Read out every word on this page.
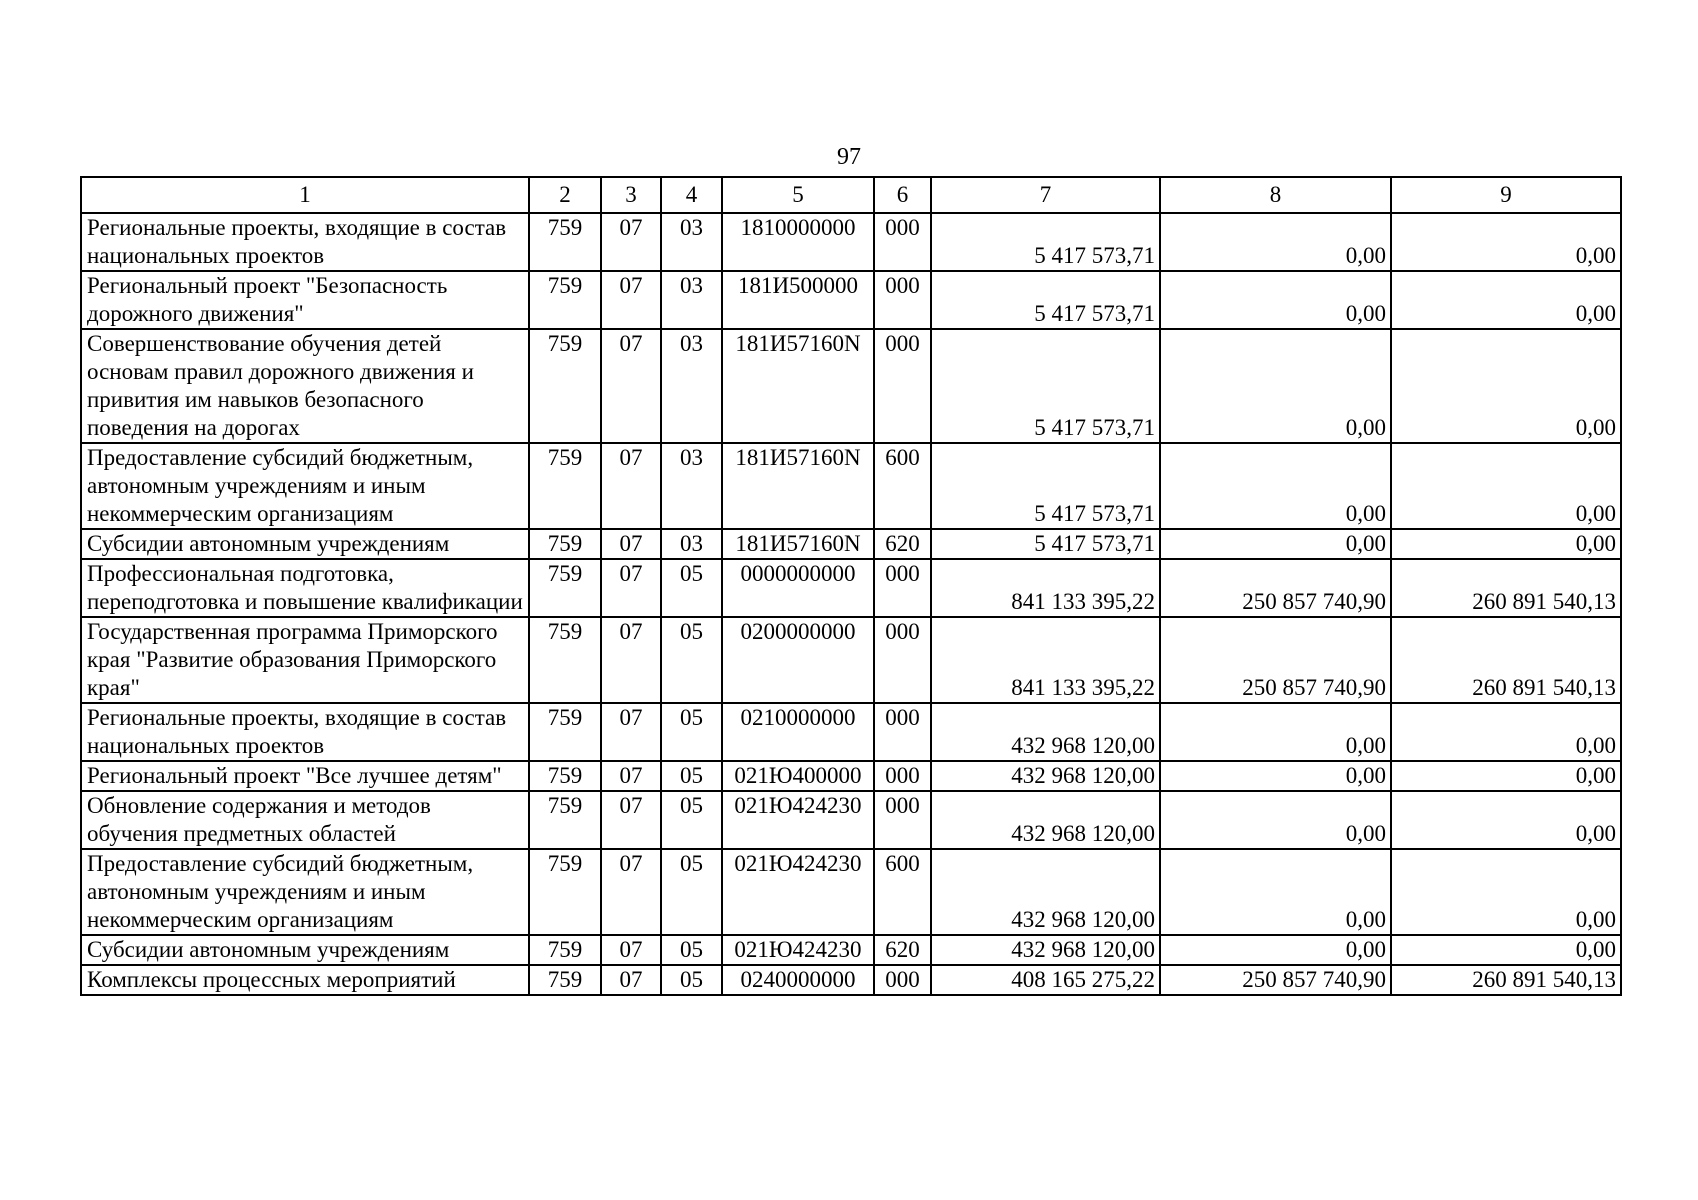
97
1	2	3	4	5	6	7	8	9
Региональные проекты, входящие в состав национальных проектов	759	07	03	1810000000	000	5 417 573,71	0,00	0,00
Региональный проект "Безопасность дорожного движения"	759	07	03	181И500000	000	5 417 573,71	0,00	0,00
Совершенствование обучения детей основам правил дорожного движения и привития им навыков безопасного поведения на дорогах	759	07	03	181И57160N	000	5 417 573,71	0,00	0,00
Предоставление субсидий бюджетным, автономным учреждениям и иным некоммерческим организациям	759	07	03	181И57160N	600	5 417 573,71	0,00	0,00
Субсидии автономным учреждениям	759	07	03	181И57160N	620	5 417 573,71	0,00	0,00
Профессиональная подготовка, переподготовка и повышение квалификации	759	07	05	0000000000	000	841 133 395,22	250 857 740,90	260 891 540,13
Государственная программа Приморского края "Развитие образования Приморского края"	759	07	05	0200000000	000	841 133 395,22	250 857 740,90	260 891 540,13
Региональные проекты, входящие в состав национальных проектов	759	07	05	0210000000	000	432 968 120,00	0,00	0,00
Региональный проект "Все лучшее детям"	759	07	05	021Ю400000	000	432 968 120,00	0,00	0,00
Обновление содержания и методов обучения предметных областей	759	07	05	021Ю424230	000	432 968 120,00	0,00	0,00
Предоставление субсидий бюджетным, автономным учреждениям и иным некоммерческим организациям	759	07	05	021Ю424230	600	432 968 120,00	0,00	0,00
Субсидии автономным учреждениям	759	07	05	021Ю424230	620	432 968 120,00	0,00	0,00
Комплексы процессных мероприятий	759	07	05	0240000000	000	408 165 275,22	250 857 740,90	260 891 540,13
